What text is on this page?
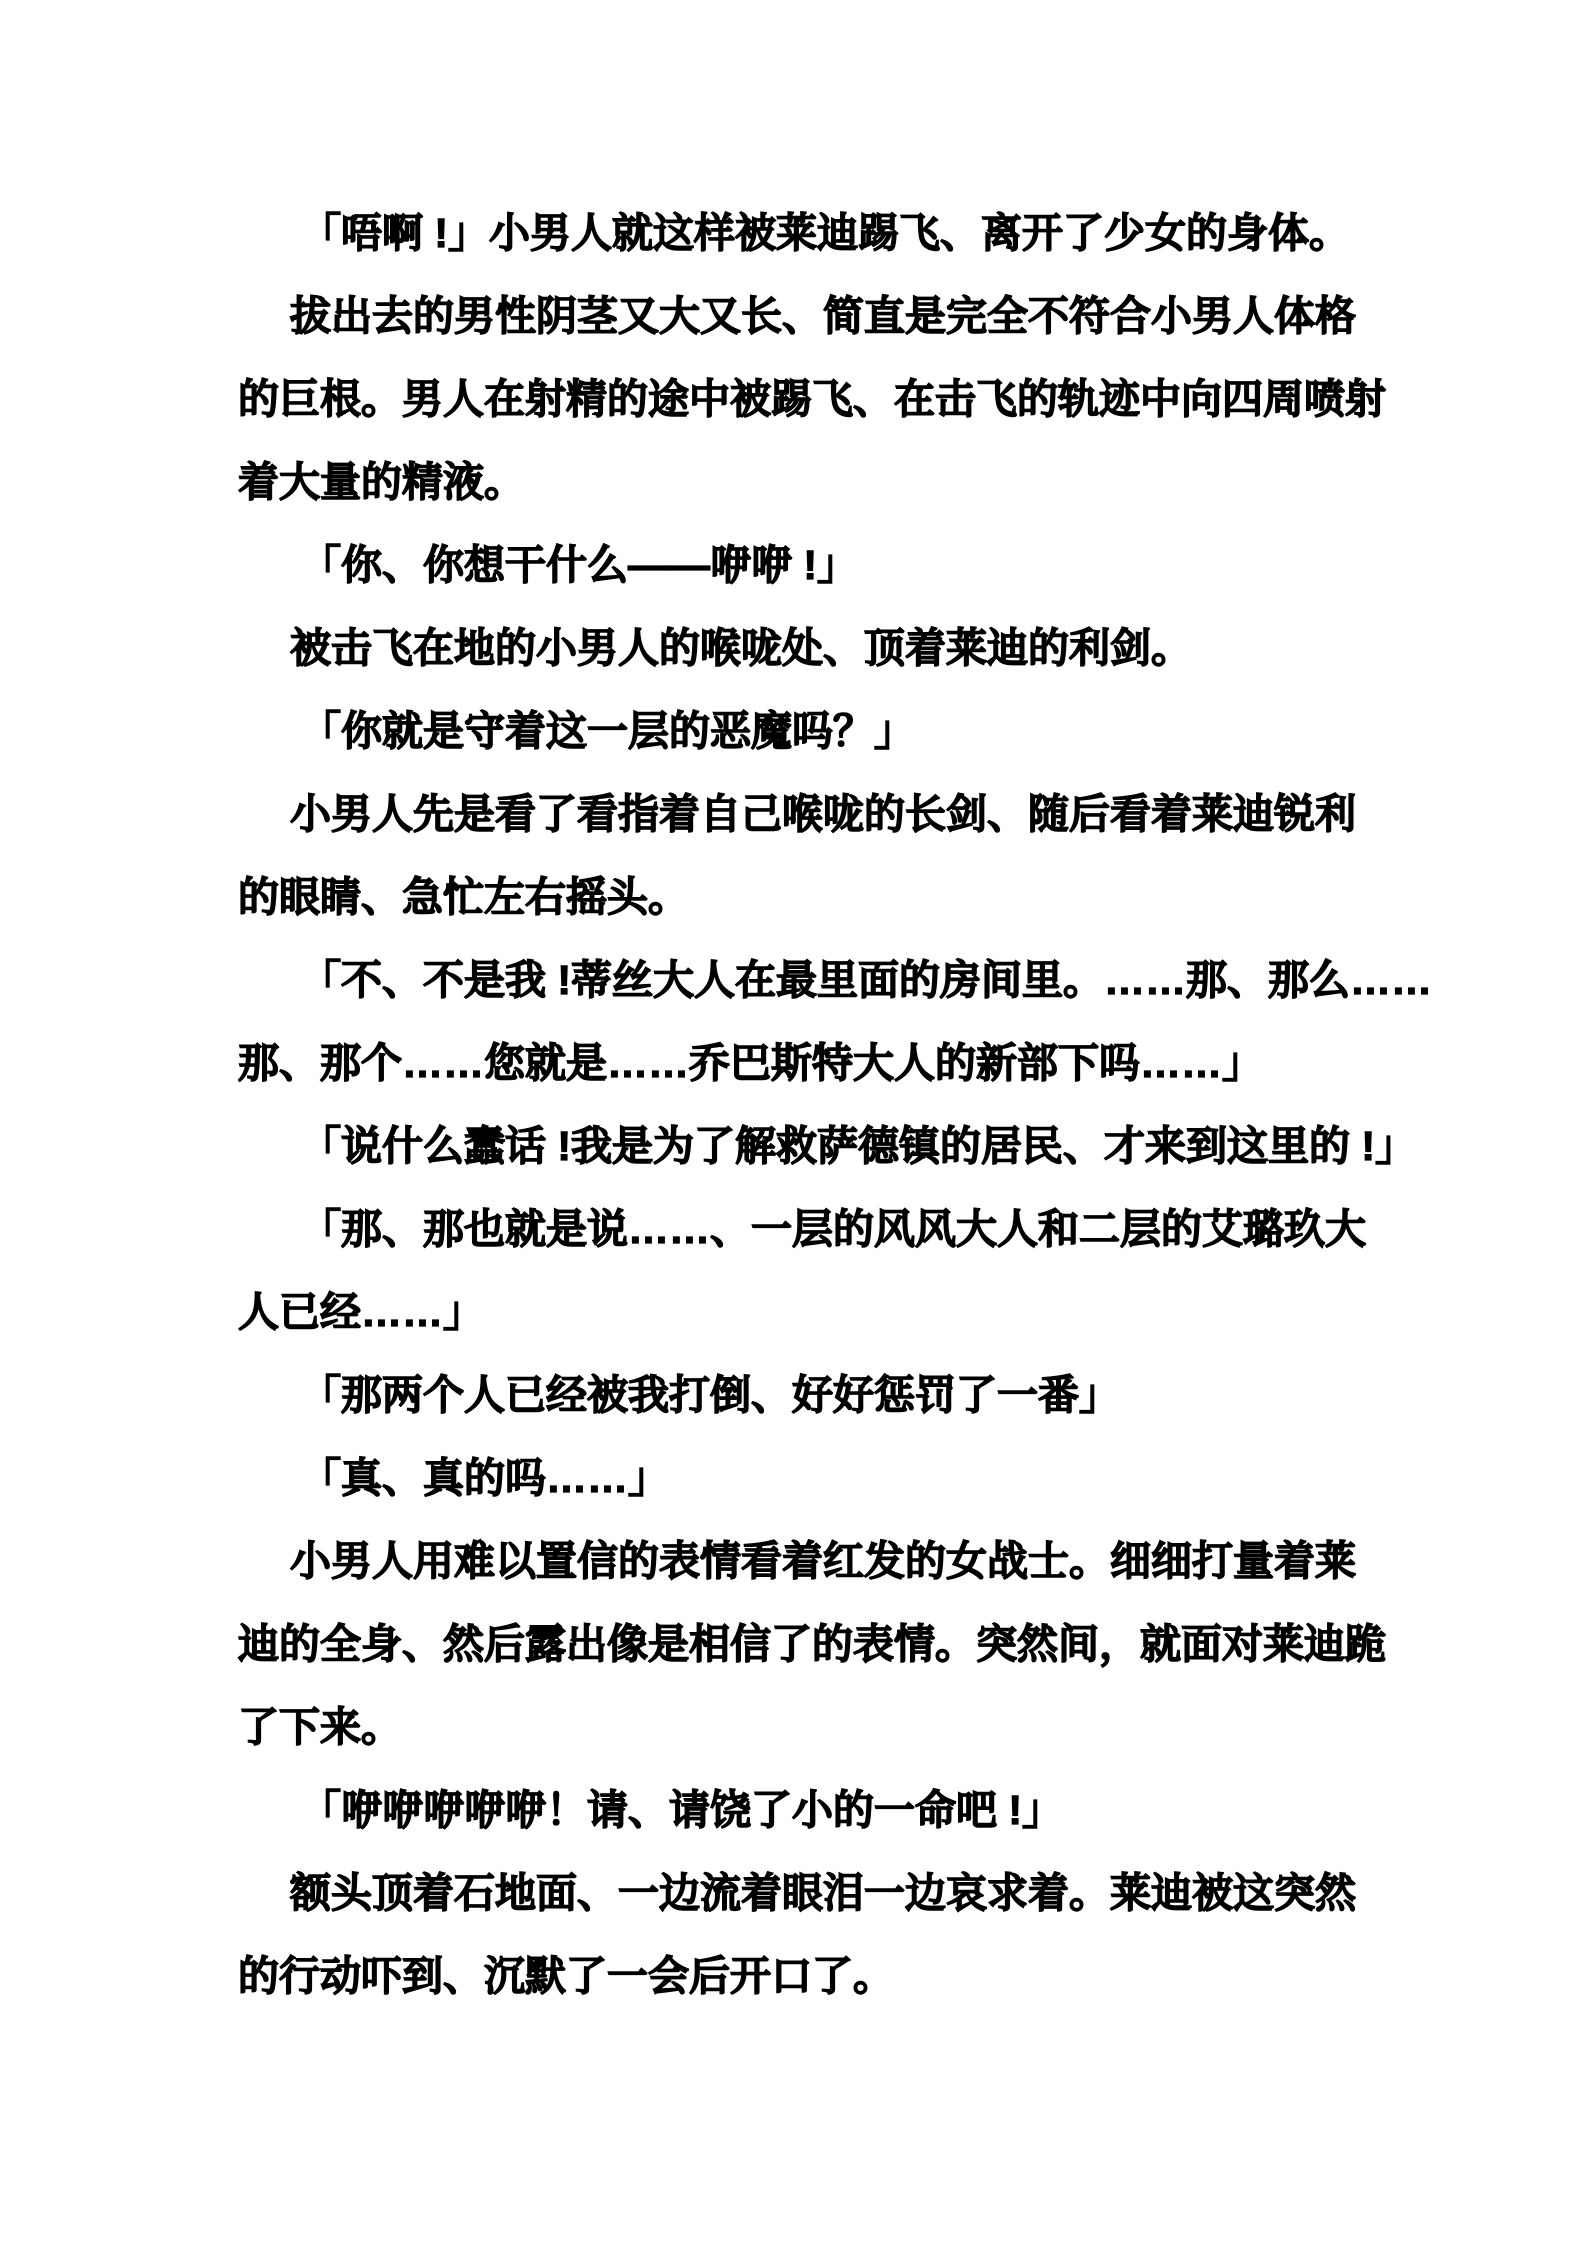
「唔啊 !」小男人就这样被莱迪踢飞、离开了少女的身体。
拔出去的男性阴茎又大又长、简直是完全不符合小男人体格
的巨根。男人在射精的途中被踢飞、在击飞的轨迹中向四周喷射
着大量的精液。
「你、你想干什么——咿咿 !」
被击飞在地的小男人的喉咙处、顶着莱迪的利剑。
「你就是守着这一层的恶魔吗？」
小男人先是看了看指着自己喉咙的长剑、随后看着莱迪锐利
的眼睛、急忙左右摇头。
「不、不是我 !蒂丝大人在最里面的房间里。……那、那么……
那、那个……您就是……乔巴斯特大人的新部下吗……」
「说什么蠢话 !我是为了解救萨德镇的居民、才来到这里的 !」
「那、那也就是说……、一层的风风大人和二层的艾璐玖大
人已经……」
「那两个人已经被我打倒、好好惩罚了一番」
「真、真的吗……」
小男人用难以置信的表情看着红发的女战士。细细打量着莱
迪的全身、然后露出像是相信了的表情。突然间，就面对莱迪跪
了下来。
「咿咿咿咿咿！请、请饶了小的一命吧 !」
额头顶着石地面、一边流着眼泪一边哀求着。莱迪被这突然
的行动吓到、沉默了一会后开口了。
